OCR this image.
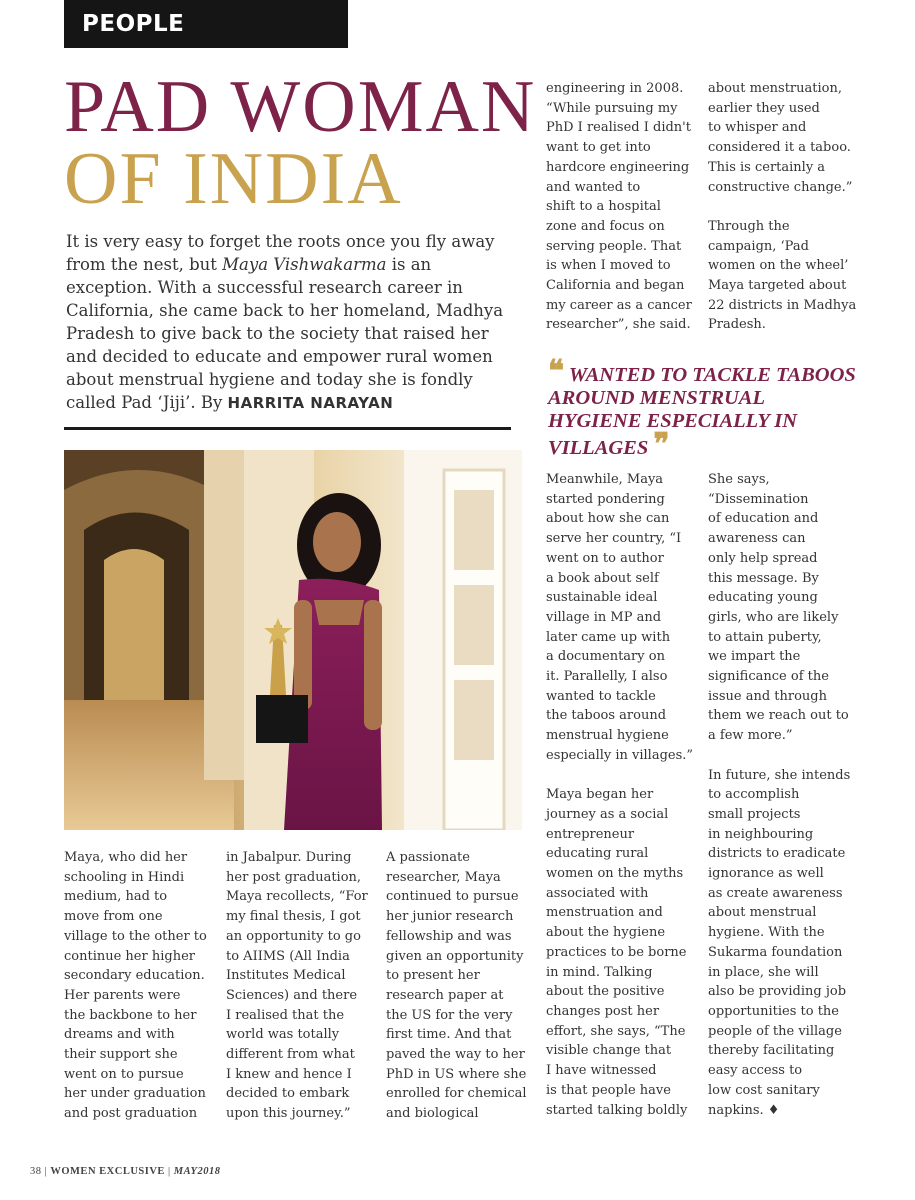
PEOPLE
PAD WOMAN
OF INDIA
It is very easy to forget the roots once you fly away from the nest, but Maya Vishwakarma is an exception. With a successful research career in California, she came back to her homeland, Madhya Pradesh to give back to the society that raised her and decided to educate and empower rural women about menstrual hygiene and today she is fondly called Pad ‘Jiji’. By HARRITA NARAYAN
Maya, who did her
schooling in Hindi
medium, had to
move from one
village to the other to
continue her higher
secondary education.
Her parents were
the backbone to her
dreams and with
their support she
went on to pursue
her under graduation
and post graduation
in Jabalpur. During
her post graduation,
Maya recollects, “For
my final thesis, I got
an opportunity to go
to AIIMS (All India
Institutes Medical
Sciences) and there
I realised that the
world was totally
different from what
I knew and hence I
decided to embark
upon this journey.”
A passionate
researcher, Maya
continued to pursue
her junior research
fellowship and was
given an opportunity
to present her
research paper at
the US for the very
first time. And that
paved the way to her
PhD in US where she
enrolled for chemical
and biological
engineering in 2008.
“While pursuing my
PhD I realised I didn't
want to get into
hardcore engineering
and wanted to
shift to a hospital
zone and focus on
serving people. That
is when I moved to
California and began
my career as a cancer
researcher”, she said.
about menstruation,
earlier they used
to whisper and
considered it a taboo.
This is certainly a
constructive change.”

Through the
campaign, ‘Pad
women on the wheel’
Maya targeted about
22 districts in Madhya
Pradesh.
❝ WANTED TO TACKLE TABOOS AROUND MENSTRUAL HYGIENE ESPECIALLY IN VILLAGES ❞
Meanwhile, Maya
started pondering
about how she can
serve her country, “I
went on to author
a book about self
sustainable ideal
village in MP and
later came up with
a documentary on
it. Parallelly, I also
wanted to tackle
the taboos around
menstrual hygiene
especially in villages.”

Maya began her
journey as a social
entrepreneur
educating rural
women on the myths
associated with
menstruation and
about the hygiene
practices to be borne
in mind. Talking
about the positive
changes post her
effort, she says, “The
visible change that
I have witnessed
is that people have
started talking boldly
She says,
“Dissemination
of education and
awareness can
only help spread
this message. By
educating young
girls, who are likely
to attain puberty,
we impart the
significance of the
issue and through
them we reach out to
a few more.”

In future, she intends
to accomplish
small projects
in neighbouring
districts to eradicate
ignorance as well
as create awareness
about menstrual
hygiene. With the
Sukarma foundation
in place, she will
also be providing job
opportunities to the
people of the village
thereby facilitating
easy access to
low cost sanitary
napkins. ♦
38 | WOMEN EXCLUSIVE | MAY2018
